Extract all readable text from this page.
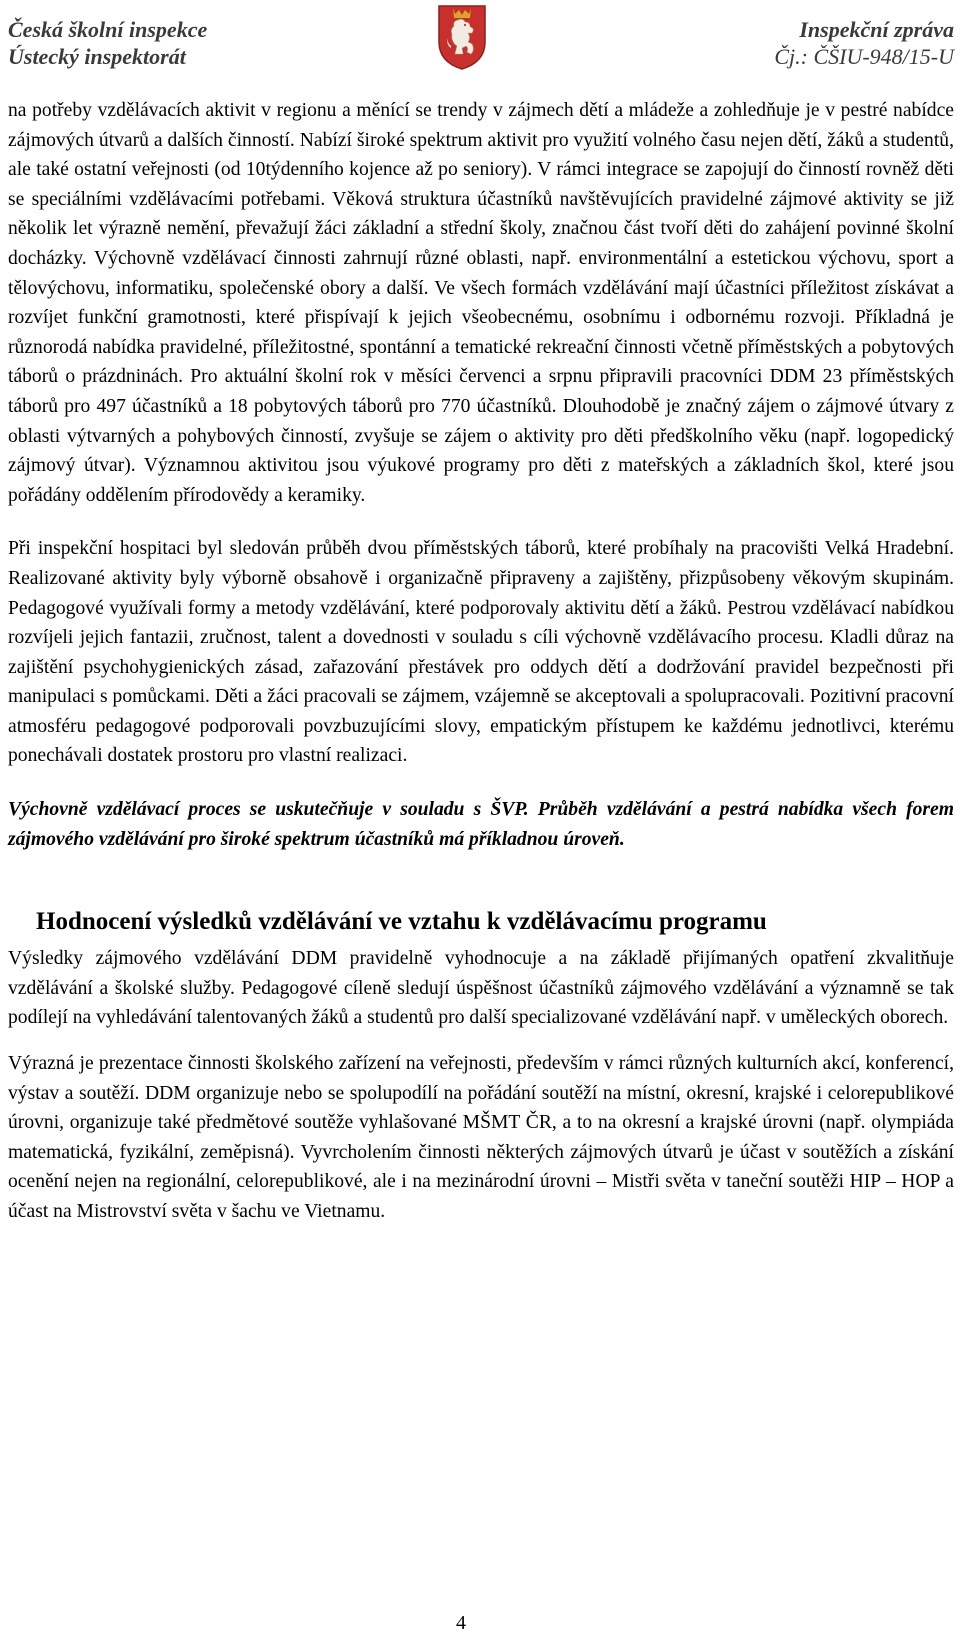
Česká školní inspekce
Ústecký inspektorát
Inspekční zpráva
Čj.: ČŠIU-948/15-U

na potřeby vzdělávacích aktivit v regionu a měnící se trendy v zájmech dětí a mládeže a zohledňuje je v pestré nabídce zájmových útvarů a dalších činností. Nabízí široké spektrum aktivit pro využití volného času nejen dětí, žáků a studentů, ale také ostatní veřejnosti (od 10týdenního kojence až po seniory). V rámci integrace se zapojují do činností rovněž děti se speciálními vzdělávacími potřebami. Věková struktura účastníků navštěvujících pravidelné zájmové aktivity se již několik let výrazně nemění, převažují žáci základní a střední školy, značnou část tvoří děti do zahájení povinné školní docházky. Výchovně vzdělávací činnosti zahrnují různé oblasti, např. environmentální a estetickou výchovu, sport a tělovýchovu, informatiku, společenské obory a další. Ve všech formách vzdělávání mají účastníci příležitost získávat a rozvíjet funkční gramotnosti, které přispívají k jejich všeobecnému, osobnímu i odbornému rozvoji. Příkladná je různorodá nabídka pravidelné, příležitostné, spontánní a tematické rekreační činnosti včetně příměstských a pobytových táborů o prázdninách. Pro aktuální školní rok v měsíci červenci a srpnu připravili pracovníci DDM 23 příměstských táborů pro 497 účastníků a 18 pobytových táborů pro 770 účastníků. Dlouhodobě je značný zájem o zájmové útvary z oblasti výtvarných a pohybových činností, zvyšuje se zájem o aktivity pro děti předškolního věku (např. logopedický zájmový útvar). Významnou aktivitou jsou výukové programy pro děti z mateřských a základních škol, které jsou pořádány oddělením přírodovědy a keramiky.

Při inspekční hospitaci byl sledován průběh dvou příměstských táborů, které probíhaly na pracovišti Velká Hradební. Realizované aktivity byly výborně obsahově i organizačně připraveny a zajištěny, přizpůsobeny věkovým skupinám. Pedagogové využívali formy a metody vzdělávání, které podporovaly aktivitu dětí a žáků. Pestrou vzdělávací nabídkou rozvíjeli jejich fantazii, zručnost, talent a dovednosti v souladu s cíli výchovně vzdělávacího procesu. Kladli důraz na zajištění psychohygienických zásad, zařazování přestávek pro oddych dětí a dodržování pravidel bezpečnosti při manipulaci s pomůckami. Děti a žáci pracovali se zájmem, vzájemně se akceptovali a spolupracovali. Pozitivní pracovní atmosféru pedagogové podporovali povzbuzujícími slovy, empatickým přístupem ke každému jednotlivci, kterému ponechávali dostatek prostoru pro vlastní realizaci.

Výchovně vzdělávací proces se uskutečňuje v souladu s ŠVP. Průběh vzdělávání a pestrá nabídka všech forem zájmového vzdělávání pro široké spektrum účastníků má příkladnou úroveň.

Hodnocení výsledků vzdělávání ve vztahu k vzdělávacímu programu

Výsledky zájmového vzdělávání DDM pravidelně vyhodnocuje a na základě přijímaných opatření zkvalitňuje vzdělávání a školské služby. Pedagogové cíleně sledují úspěšnost účastníků zájmového vzdělávání a významně se tak podílejí na vyhledávání talentovaných žáků a studentů pro další specializované vzdělávání např. v uměleckých oborech.

Výrazná je prezentace činnosti školského zařízení na veřejnosti, především v rámci různých kulturních akcí, konferencí, výstav a soutěží. DDM organizuje nebo se spolupodílí na pořádání soutěží na místní, okresní, krajské i celorepublikové úrovni, organizuje také předmětové soutěže vyhlašované MŠMT ČR, a to na okresní a krajské úrovni (např. olympiáda matematická, fyzikální, zeměpisná). Vyvrcholením činnosti některých zájmových útvarů je účast v soutěžích a získání ocenění nejen na regionální, celorepublikové, ale i na mezinárodní úrovni – Mistři světa v taneční soutěži HIP – HOP a účast na Mistrovství světa v šachu ve Vietnamu.

4
